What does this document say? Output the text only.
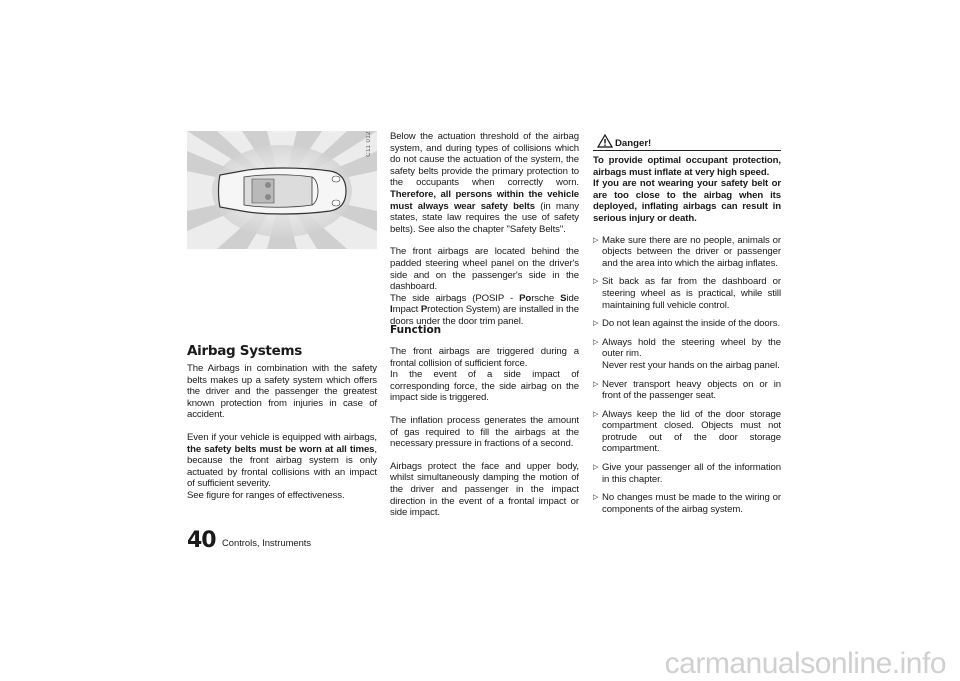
C11 012
Airbag Systems

The Airbags in combination with the safety belts makes up a safety system which offers the driver and the passenger the greatest known protection from injuries in case of accident.

Even if your vehicle is equipped with airbags, the safety belts must be worn at all times, because the front airbag system is only actuated by frontal collisions with an impact of sufficient severity.

See figure for ranges of effectiveness.

Below the actuation threshold of the airbag system, and during types of collisions which do not cause the actuation of the system, the safety belts provide the primary protection to the occupants when correctly worn. Therefore, all persons within the vehicle must always wear safety belts (in many states, state law requires the use of safety belts). See also the chapter "Safety Belts".

The front airbags are located behind the padded steering wheel panel on the driver's side and on the passenger's side in the dashboard.

The side airbags (POSIP - Porsche Side Impact Protection System) are installed in the doors under the door trim panel.

Function

The front airbags are triggered during a frontal collision of sufficient force.

In the event of a side impact of corresponding force, the side airbag on the impact side is triggered.

The inflation process generates the amount of gas required to fill the airbags at the necessary pressure in fractions of a second.

Airbags protect the face and upper body, whilst simultaneously damping the motion of the driver and passenger in the impact direction in the event of a frontal impact or side impact.

Danger!

To provide optimal occupant protection, airbags must inflate at very high speed.
If you are not wearing your safety belt or are too close to the airbag when its deployed, inflating airbags can result in serious injury or death.

▷ Make sure there are no people, animals or objects between the driver or passenger and the area into which the airbag inflates.
▷ Sit back as far from the dashboard or steering wheel as is practical, while still maintaining full vehicle control.
▷ Do not lean against the inside of the doors.
▷ Always hold the steering wheel by the outer rim.
Never rest your hands on the airbag panel.
▷ Never transport heavy objects on or in front of the passenger seat.
▷ Always keep the lid of the door storage compartment closed. Objects must not protrude out of the door storage compartment.
▷ Give your passenger all of the information in this chapter.
▷ No changes must be made to the wiring or components of the airbag system.
40 Controls, Instruments
carmanualsonline.info
